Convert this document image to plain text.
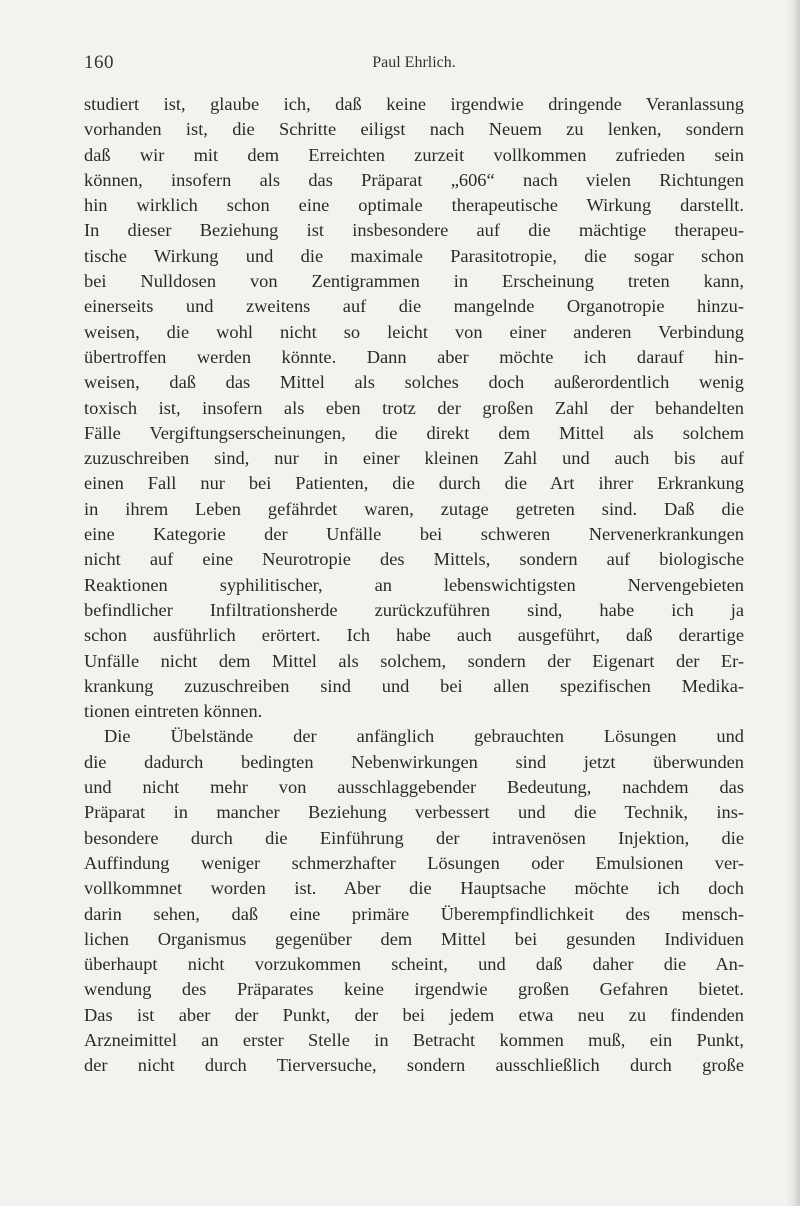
160	Paul Ehrlich.
studiert ist, glaube ich, daß keine irgendwie dringende Veranlassung
vorhanden ist, die Schritte eiligst nach Neuem zu lenken, sondern
daß wir mit dem Erreichten zurzeit vollkommen zufrieden sein
können, insofern als das Präparat „606“ nach vielen Richtungen
hin wirklich schon eine optimale therapeutische Wirkung darstellt.
In dieser Beziehung ist insbesondere auf die mächtige therapeu-
tische Wirkung und die maximale Parasitotropie, die sogar schon
bei Nulldosen von Zentigrammen in Erscheinung treten kann,
einerseits und zweitens auf die mangelnde Organotropie hinzu-
weisen, die wohl nicht so leicht von einer anderen Verbindung
übertroffen werden könnte. Dann aber möchte ich darauf hin-
weisen, daß das Mittel als solches doch außerordentlich wenig
toxisch ist, insofern als eben trotz der großen Zahl der behandelten
Fälle Vergiftungserscheinungen, die direkt dem Mittel als solchem
zuzuschreiben sind, nur in einer kleinen Zahl und auch bis auf
einen Fall nur bei Patienten, die durch die Art ihrer Erkrankung
in ihrem Leben gefährdet waren, zutage getreten sind. Daß die
eine Kategorie der Unfälle bei schweren Nervenerkrankungen
nicht auf eine Neurotropie des Mittels, sondern auf biologische
Reaktionen syphilitischer, an lebenswichtigsten Nervengebieten
befindlicher Infiltrationsherde zurückzuführen sind, habe ich ja
schon ausführlich erörtert. Ich habe auch ausgeführt, daß derartige
Unfälle nicht dem Mittel als solchem, sondern der Eigenart der Er-
krankung zuzuschreiben sind und bei allen spezifischen Medika-
tionen eintreten können.
Die Übelstände der anfänglich gebrauchten Lösungen und
die dadurch bedingten Nebenwirkungen sind jetzt überwunden
und nicht mehr von ausschlaggebender Bedeutung, nachdem das
Präparat in mancher Beziehung verbessert und die Technik, ins-
besondere durch die Einführung der intravenösen Injektion, die
Auffindung weniger schmerzhafter Lösungen oder Emulsionen ver-
vollkommnet worden ist. Aber die Hauptsache möchte ich doch
darin sehen, daß eine primäre Überempfindlichkeit des mensch-
lichen Organismus gegenüber dem Mittel bei gesunden Individuen
überhaupt nicht vorzukommen scheint, und daß daher die An-
wendung des Präparates keine irgendwie großen Gefahren bietet.
Das ist aber der Punkt, der bei jedem etwa neu zu findenden
Arzneimittel an erster Stelle in Betracht kommen muß, ein Punkt,
der nicht durch Tierversuche, sondern ausschließlich durch große
